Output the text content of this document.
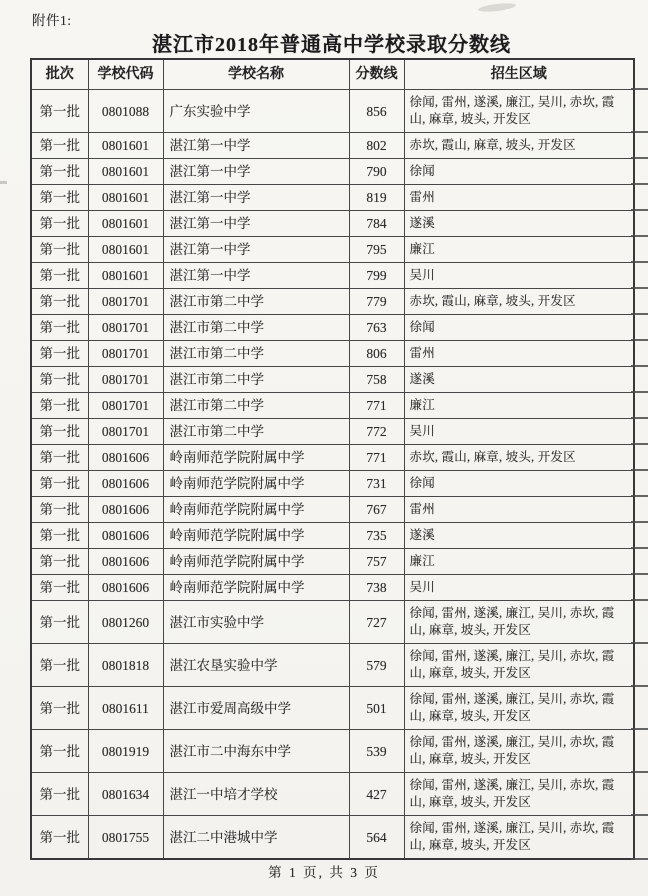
附件1:
湛江市2018年普通高中学校录取分数线
批次	学校代码	学校名称	分数线	招生区域
第一批	0801088	广东实验中学	856	徐闻, 雷州, 遂溪, 廉江, 吴川, 赤坎, 霞山, 麻章, 坡头, 开发区
第一批	0801601	湛江第一中学	802	赤坎, 霞山, 麻章, 坡头, 开发区
第一批	0801601	湛江第一中学	790	徐闻
第一批	0801601	湛江第一中学	819	雷州
第一批	0801601	湛江第一中学	784	遂溪
第一批	0801601	湛江第一中学	795	廉江
第一批	0801601	湛江第一中学	799	吴川
第一批	0801701	湛江市第二中学	779	赤坎, 霞山, 麻章, 坡头, 开发区
第一批	0801701	湛江市第二中学	763	徐闻
第一批	0801701	湛江市第二中学	806	雷州
第一批	0801701	湛江市第二中学	758	遂溪
第一批	0801701	湛江市第二中学	771	廉江
第一批	0801701	湛江市第二中学	772	吴川
第一批	0801606	岭南师范学院附属中学	771	赤坎, 霞山, 麻章, 坡头, 开发区
第一批	0801606	岭南师范学院附属中学	731	徐闻
第一批	0801606	岭南师范学院附属中学	767	雷州
第一批	0801606	岭南师范学院附属中学	735	遂溪
第一批	0801606	岭南师范学院附属中学	757	廉江
第一批	0801606	岭南师范学院附属中学	738	吴川
第一批	0801260	湛江市实验中学	727	徐闻, 雷州, 遂溪, 廉江, 吴川, 赤坎, 霞山, 麻章, 坡头, 开发区
第一批	0801818	湛江农垦实验中学	579	徐闻, 雷州, 遂溪, 廉江, 吴川, 赤坎, 霞山, 麻章, 坡头, 开发区
第一批	0801611	湛江市爱周高级中学	501	徐闻, 雷州, 遂溪, 廉江, 吴川, 赤坎, 霞山, 麻章, 坡头, 开发区
第一批	0801919	湛江市二中海东中学	539	徐闻, 雷州, 遂溪, 廉江, 吴川, 赤坎, 霞山, 麻章, 坡头, 开发区
第一批	0801634	湛江一中培才学校	427	徐闻, 雷州, 遂溪, 廉江, 吴川, 赤坎, 霞山, 麻章, 坡头, 开发区
第一批	0801755	湛江二中港城中学	564	徐闻, 雷州, 遂溪, 廉江, 吴川, 赤坎, 霞山, 麻章, 坡头, 开发区
第 1 页, 共 3 页
